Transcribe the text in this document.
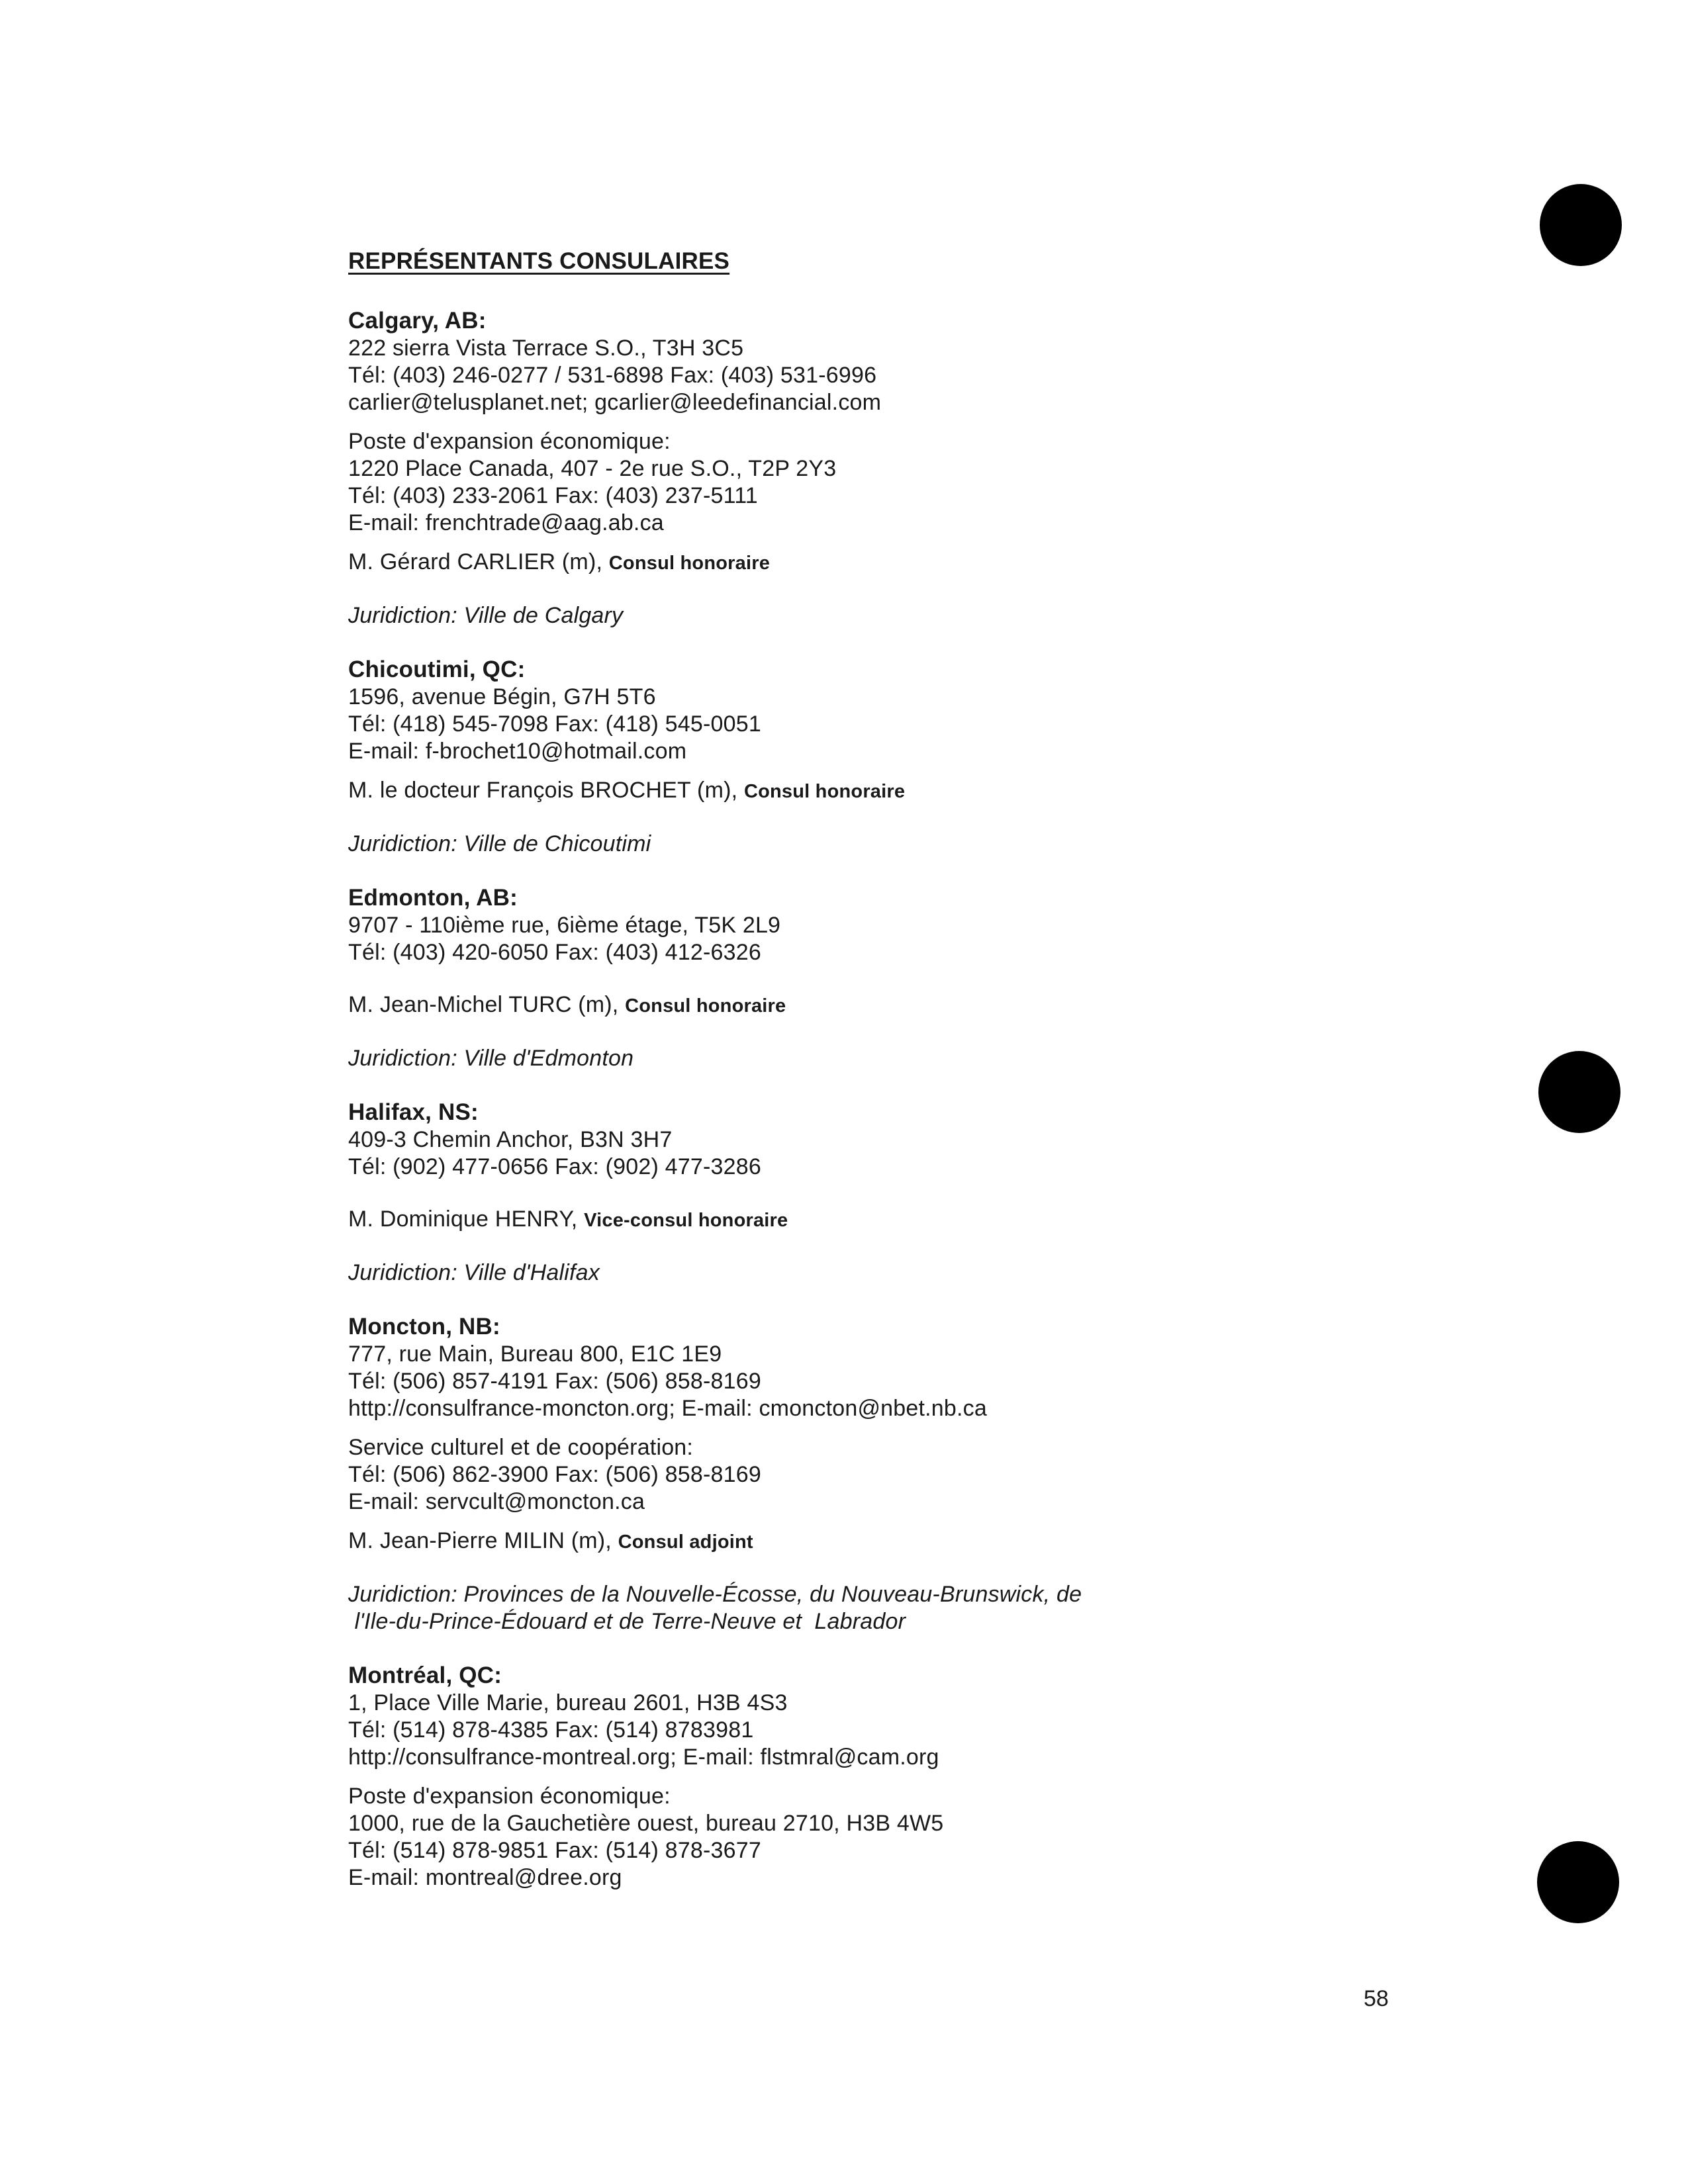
REPRÉSENTANTS CONSULAIRES
Calgary, AB:
222 sierra Vista Terrace S.O., T3H 3C5
Tél: (403) 246-0277 / 531-6898 Fax: (403) 531-6996
carlier@telusplanet.net; gcarlier@leedefinancial.com
Poste d'expansion économique:
1220 Place Canada, 407 - 2e rue S.O., T2P 2Y3
Tél: (403) 233-2061 Fax: (403) 237-5111
E-mail: frenchtrade@aag.ab.ca
M. Gérard CARLIER (m), Consul honoraire
Juridiction: Ville de Calgary
Chicoutimi, QC:
1596, avenue Bégin, G7H 5T6
Tél: (418) 545-7098 Fax: (418) 545-0051
E-mail: f-brochet10@hotmail.com
M. le docteur François BROCHET (m), Consul honoraire
Juridiction: Ville de Chicoutimi
Edmonton, AB:
9707 - 110ième rue, 6ième étage, T5K 2L9
Tél: (403) 420-6050 Fax: (403) 412-6326
M. Jean-Michel TURC (m), Consul honoraire
Juridiction: Ville d'Edmonton
Halifax, NS:
409-3 Chemin Anchor, B3N 3H7
Tél: (902) 477-0656 Fax: (902) 477-3286
M. Dominique HENRY, Vice-consul honoraire
Juridiction: Ville d'Halifax
Moncton, NB:
777, rue Main, Bureau 800, E1C 1E9
Tél: (506) 857-4191 Fax: (506) 858-8169
http://consulfrance-moncton.org; E-mail: cmoncton@nbet.nb.ca
Service culturel et de coopération:
Tél: (506) 862-3900 Fax: (506) 858-8169
E-mail: servcult@moncton.ca
M. Jean-Pierre MILIN (m), Consul adjoint
Juridiction: Provinces de la Nouvelle-Écosse, du Nouveau-Brunswick, de
l'Ile-du-Prince-Édouard et de Terre-Neuve et  Labrador
Montréal, QC:
1, Place Ville Marie, bureau 2601, H3B 4S3
Tél: (514) 878-4385 Fax: (514) 8783981
http://consulfrance-montreal.org; E-mail: flstmral@cam.org
Poste d'expansion économique:
1000, rue de la Gauchetière ouest, bureau 2710, H3B 4W5
Tél: (514) 878-9851 Fax: (514) 878-3677
E-mail: montreal@dree.org
58
